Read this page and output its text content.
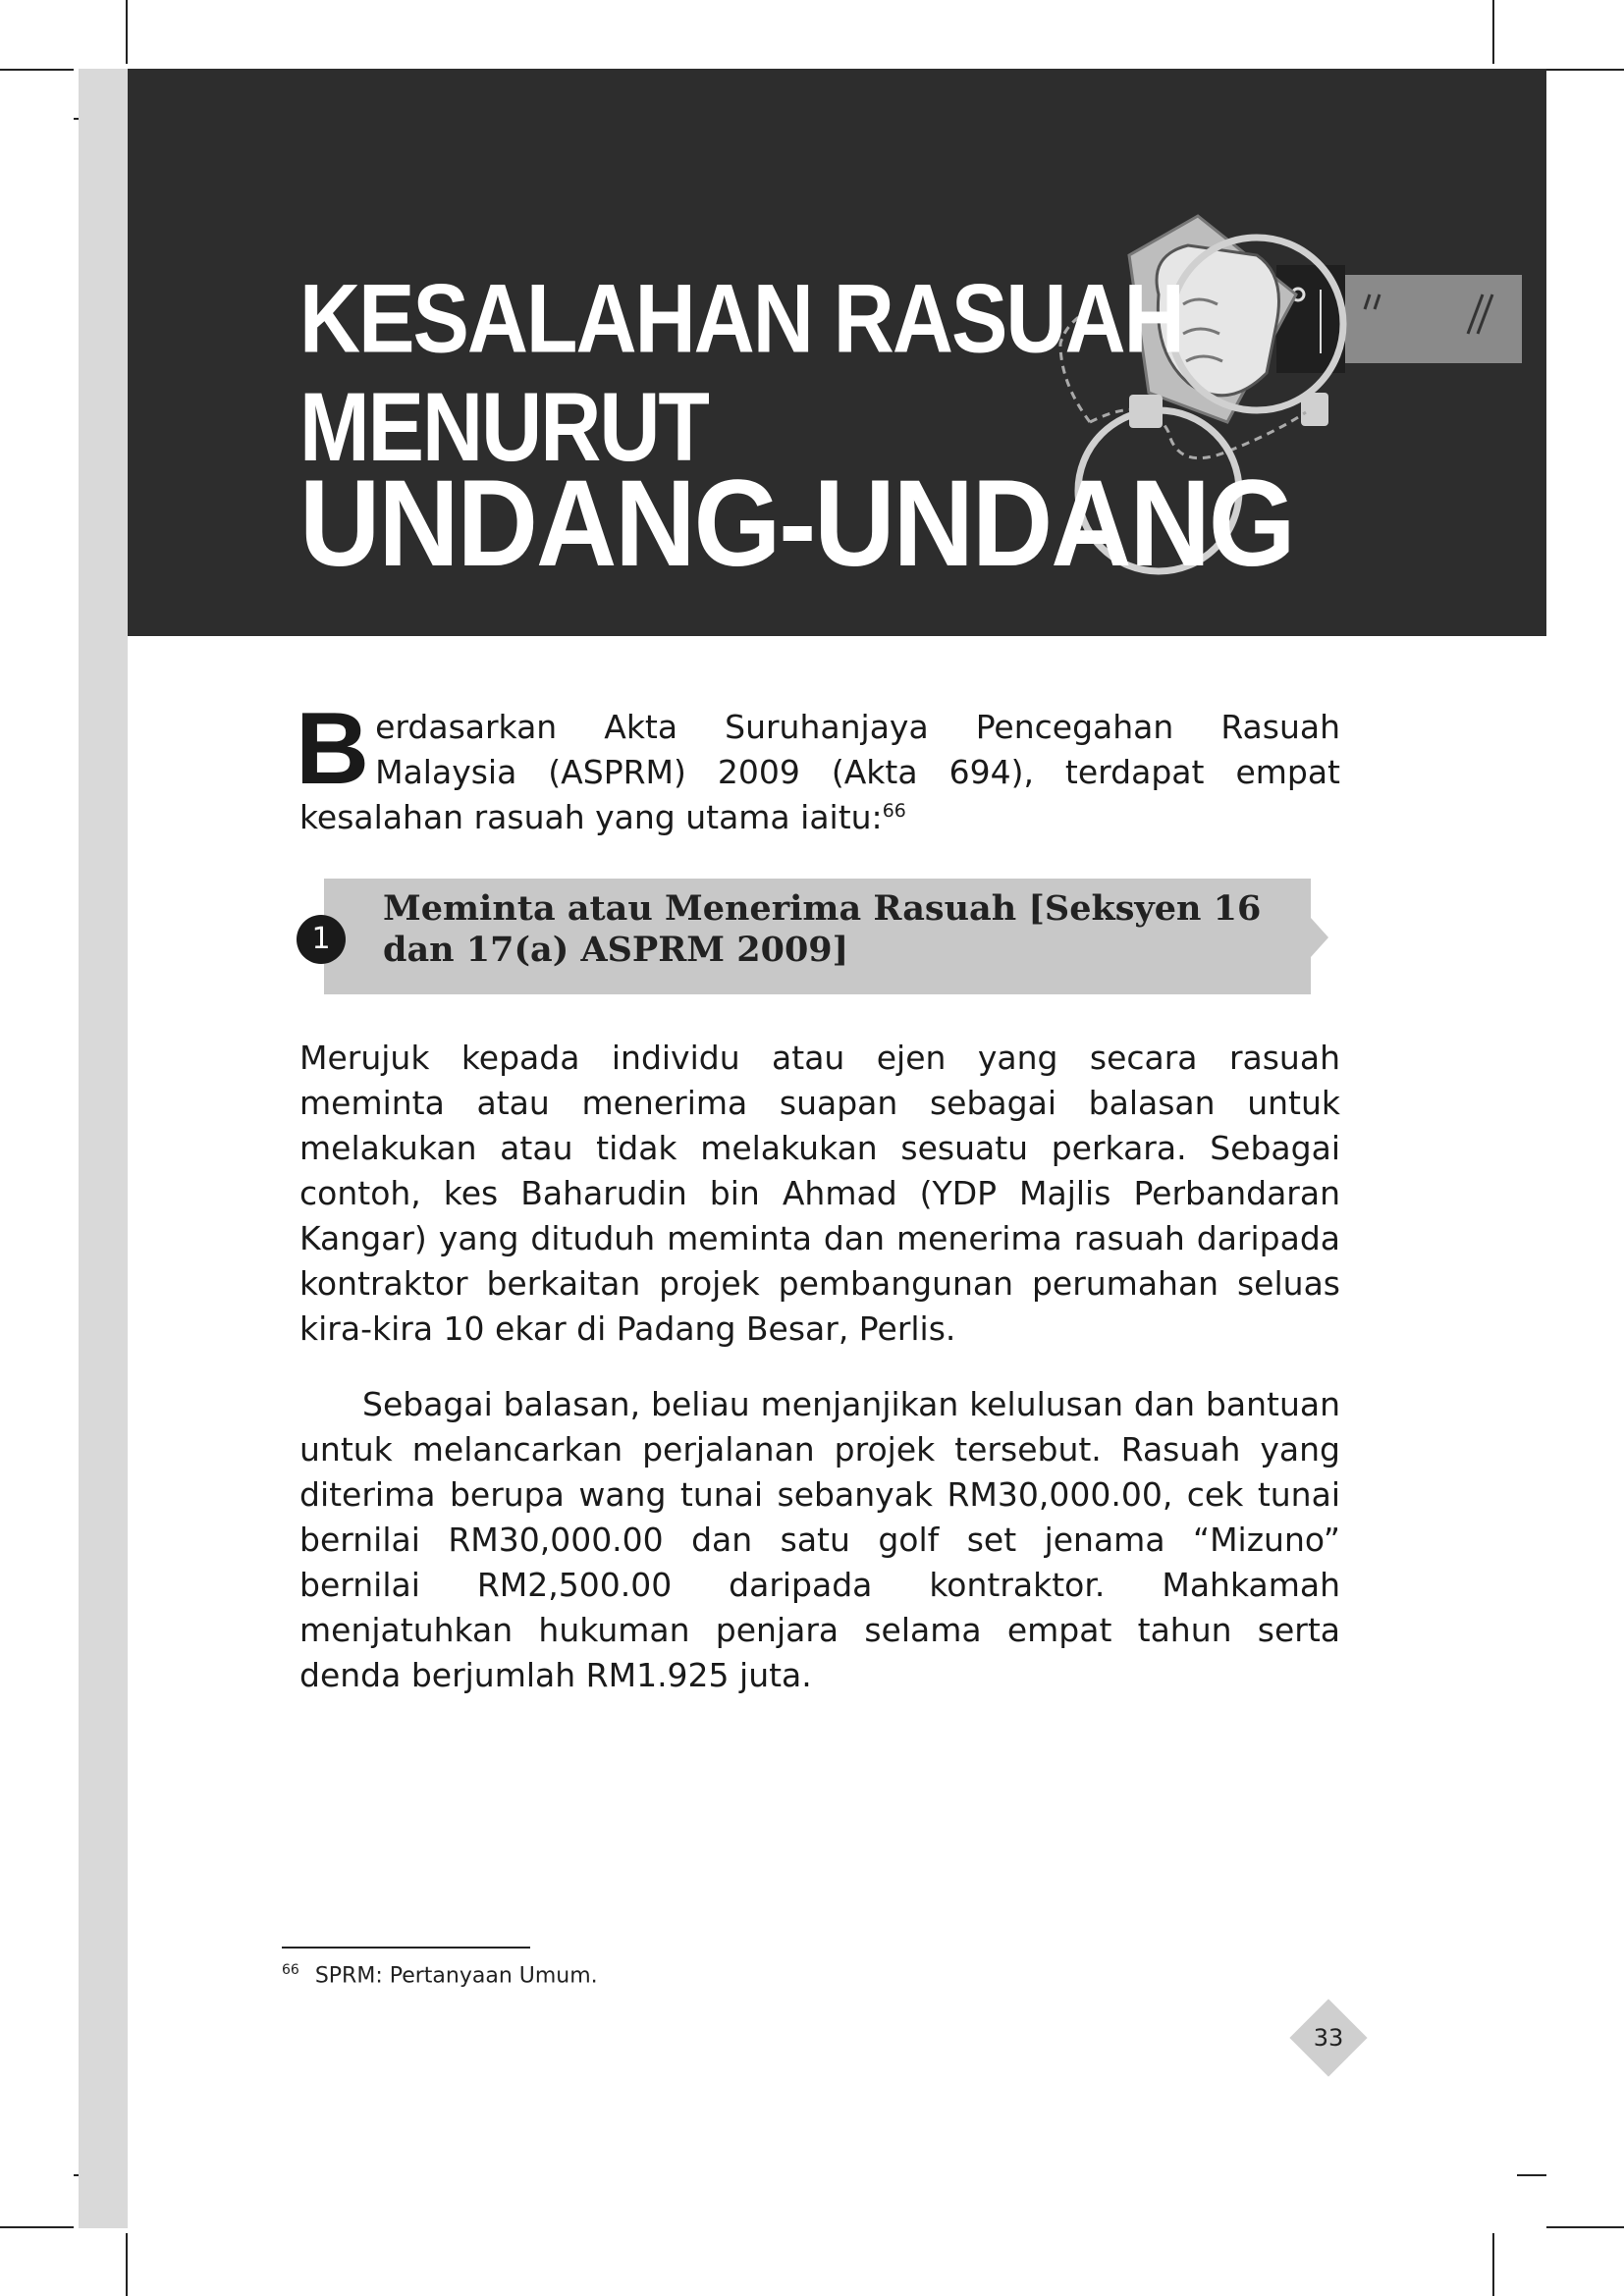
KESALAHAN RASUAH MENURUT
UNDANG-UNDANG

Berdasarkan Akta Suruhanjaya Pencegahan Rasuah Malaysia (ASPRM) 2009 (Akta 694), terdapat empat kesalahan rasuah yang utama iaitu:$^{66}$

1
Meminta atau Menerima Rasuah [Seksyen 16 dan 17(a) ASPRM 2009]

Merujuk kepada individu atau ejen yang secara rasuah meminta atau menerima suapan sebagai balasan untuk melakukan atau tidak melakukan sesuatu perkara. Sebagai contoh, kes Baharudin bin Ahmad (YDP Majlis Perbandaran Kangar) yang dituduh meminta dan menerima rasuah daripada kontraktor berkaitan projek pembangunan perumahan seluas kira-kira 10 ekar di Padang Besar, Perlis.

Sebagai balasan, beliau menjanjikan kelulusan dan bantuan untuk melancarkan perjalanan projek tersebut. Rasuah yang diterima berupa wang tunai sebanyak RM30,000.00, cek tunai bernilai RM30,000.00 dan satu golf set jenama “Mizuno” bernilai RM2,500.00 daripada kontraktor. Mahkamah menjatuhkan hukuman penjara selama empat tahun serta denda berjumlah RM1.925 juta.

$^{66}$ SPRM: Pertanyaan Umum.
33
